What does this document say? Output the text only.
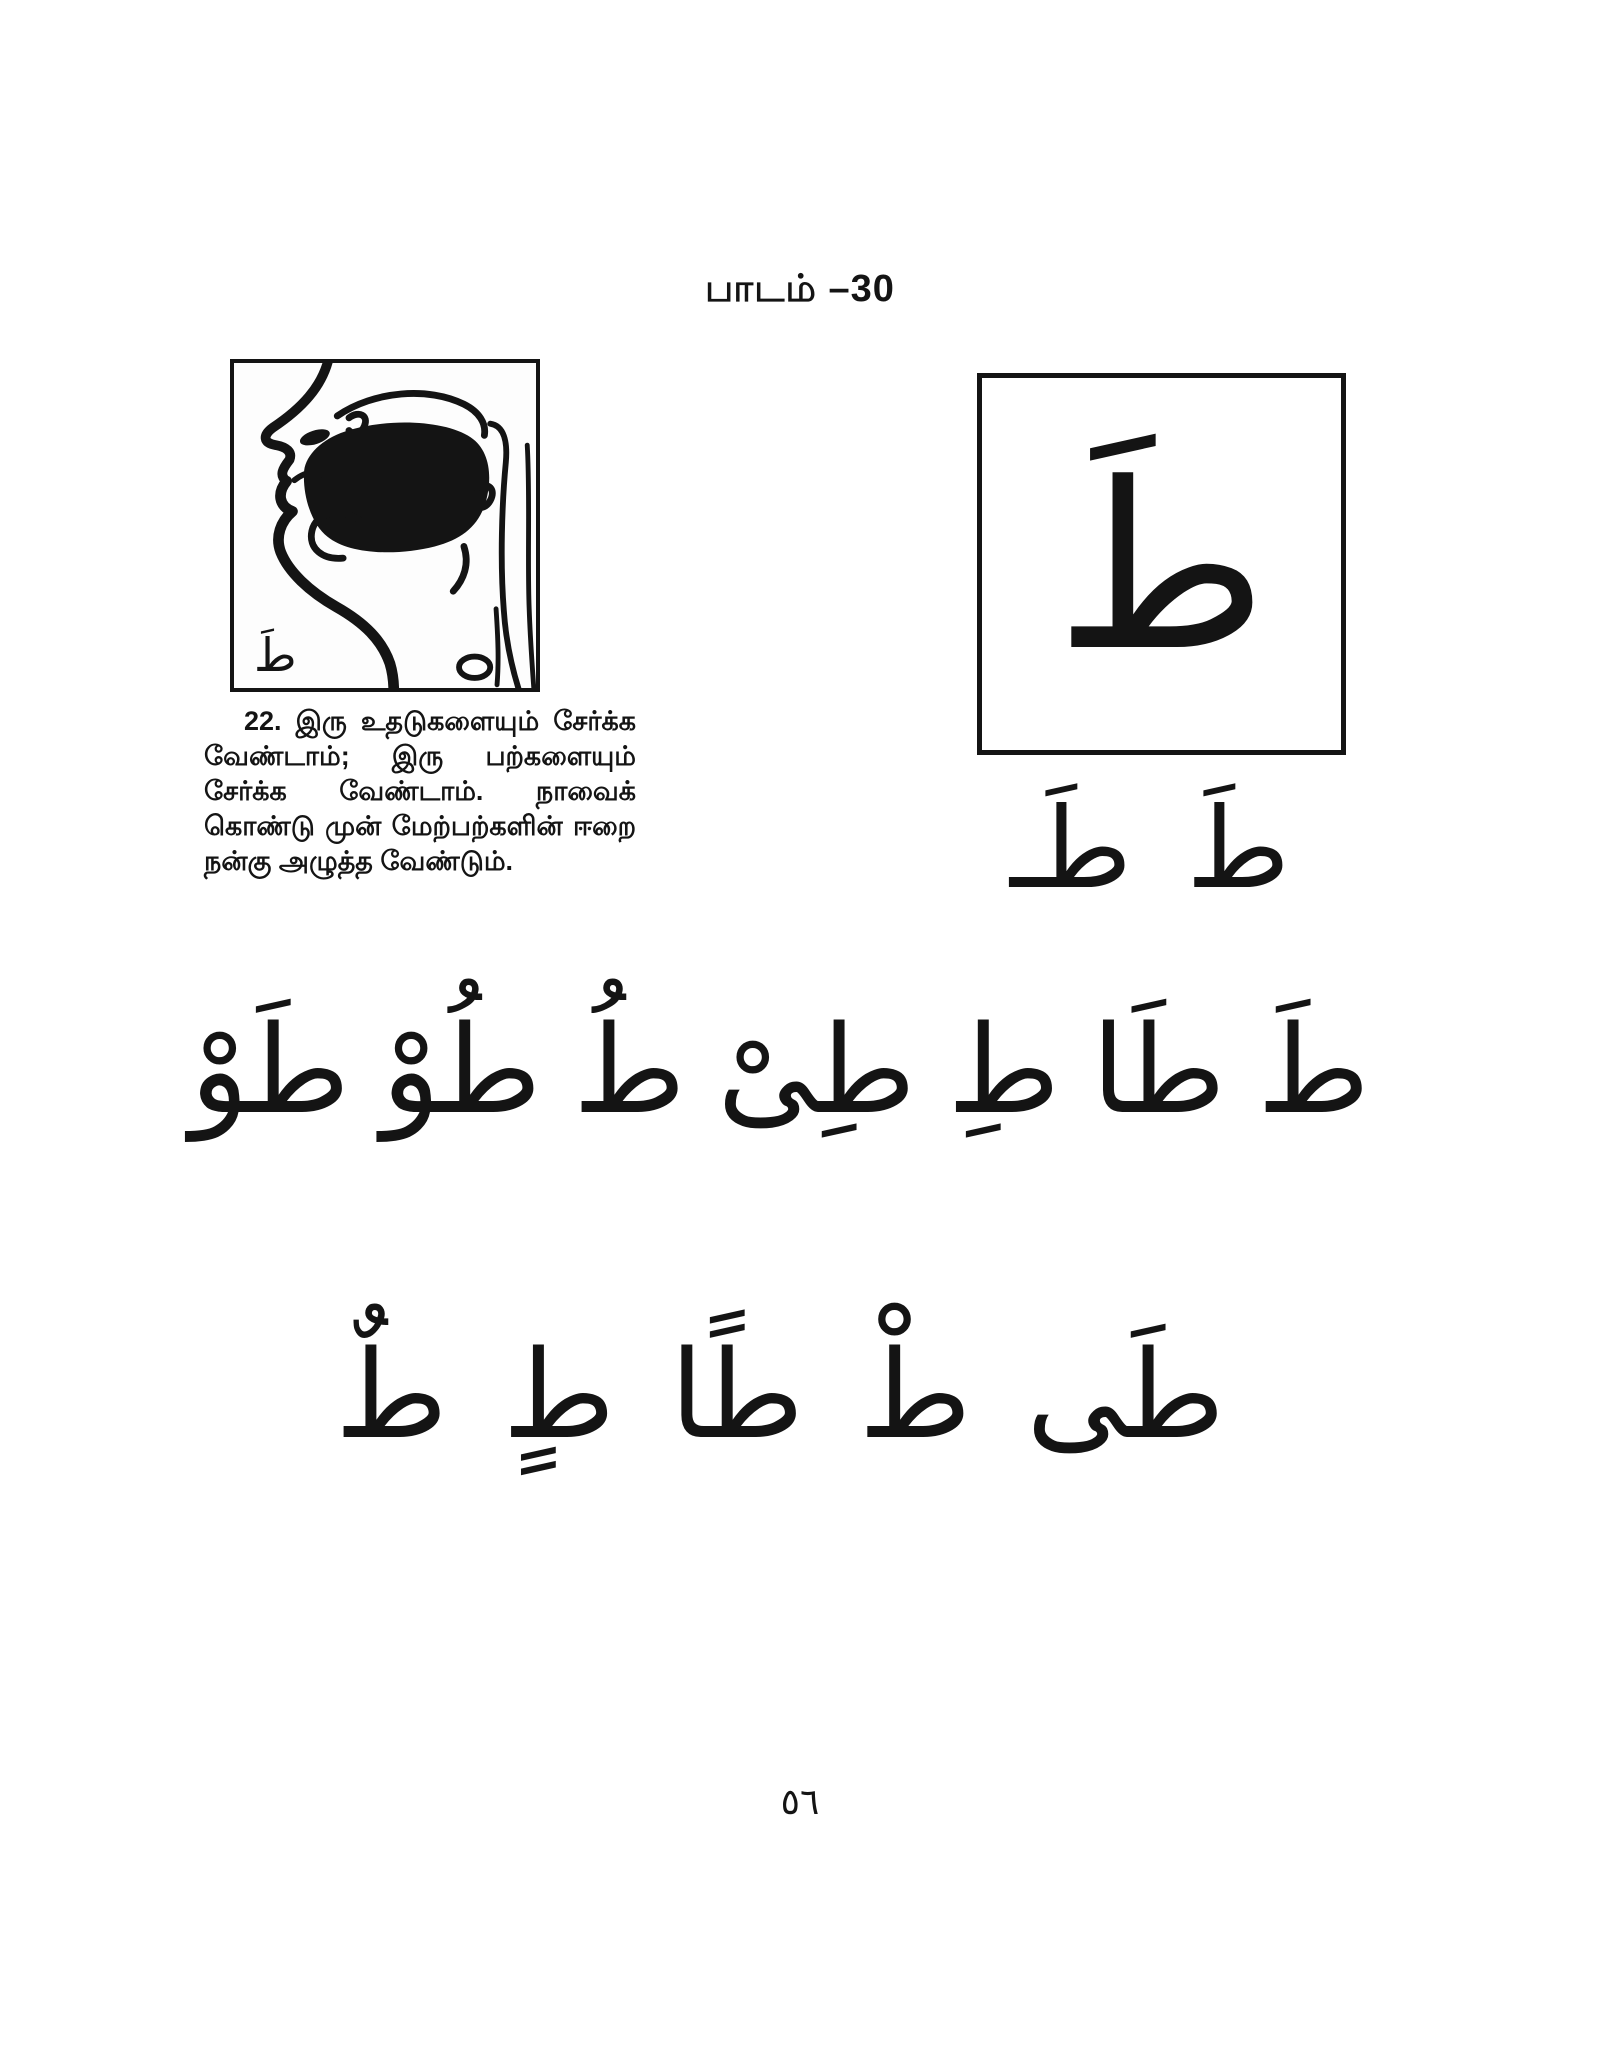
பாடம் –30
طَ
22. இரு உதடுகளையும் சேர்க்க வேண்டாம்; இரு பற்களையும் சேர்க்க வேண்டாம். நாவைக் கொண்டு முன் மேற்பற்களின் ஈறை நன்கு அழுத்த வேண்டும்.
طَ
طَ
طَـ
طَ
طَا
طِ
طِىْ
طُ
طُوْ
طَوْ
طَى
طْ
طًا
طٍ
طٌ
٥٦
